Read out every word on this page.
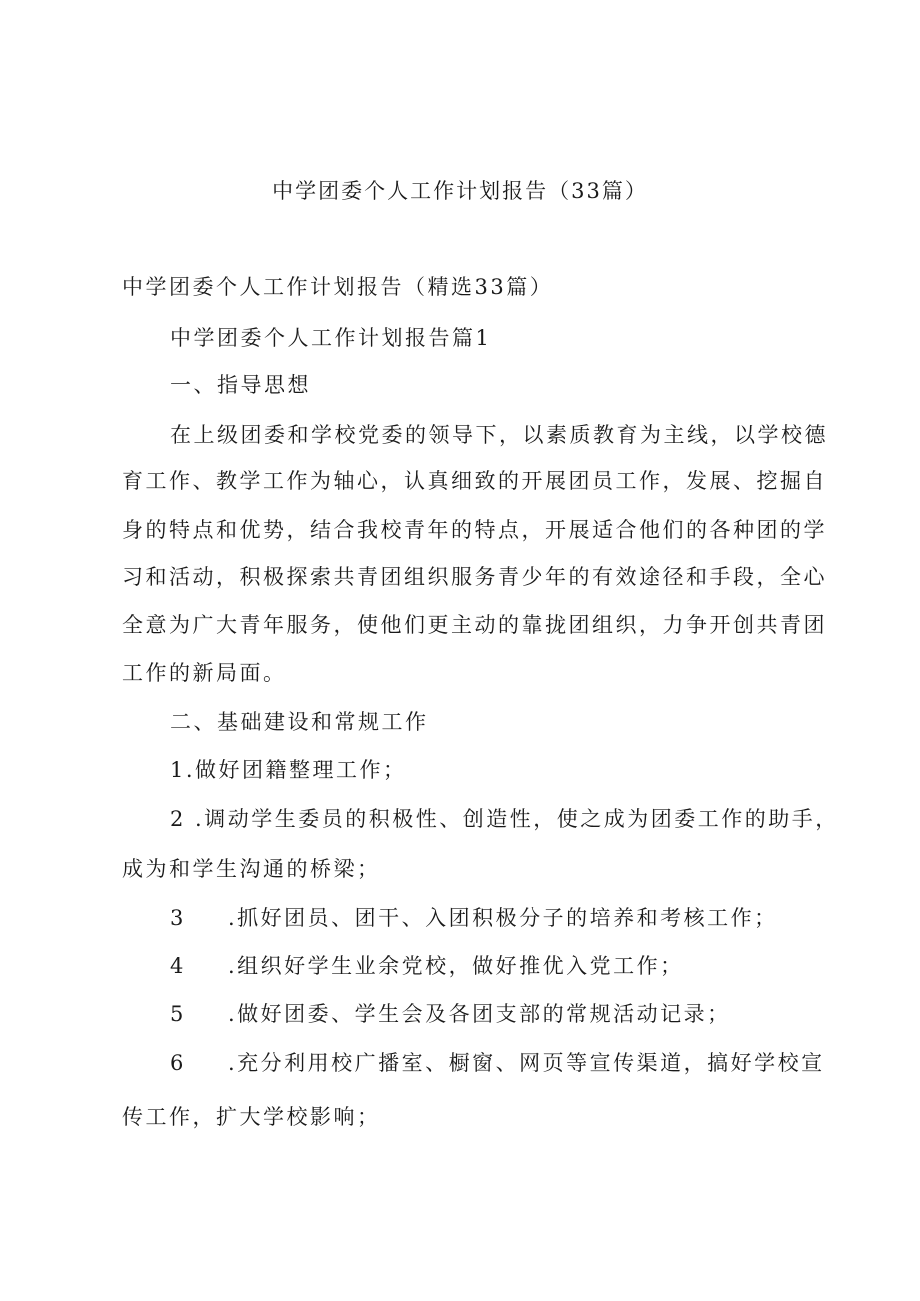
中学团委个人工作计划报告（33篇）
中学团委个人工作计划报告（精选33篇）
中学团委个人工作计划报告篇1
一、指导思想
在上级团委和学校党委的领导下，以素质教育为主线，以学校德
育工作、教学工作为轴心，认真细致的开展团员工作，发展、挖掘自
身的特点和优势，结合我校青年的特点，开展适合他们的各种团的学
习和活动，积极探索共青团组织服务青少年的有效途径和手段，全心
全意为广大青年服务，使他们更主动的靠拢团组织，力争开创共青团
工作的新局面。
二、基础建设和常规工作
1.做好团籍整理工作；
2 .调动学生委员的积极性、创造性，使之成为团委工作的助手，
成为和学生沟通的桥梁；
3 .抓好团员、团干、入团积极分子的培养和考核工作；
4 .组织好学生业余党校，做好推优入党工作；
5 .做好团委、学生会及各团支部的常规活动记录；
6 .充分利用校广播室、橱窗、网页等宣传渠道，搞好学校宣
传工作，扩大学校影响；
